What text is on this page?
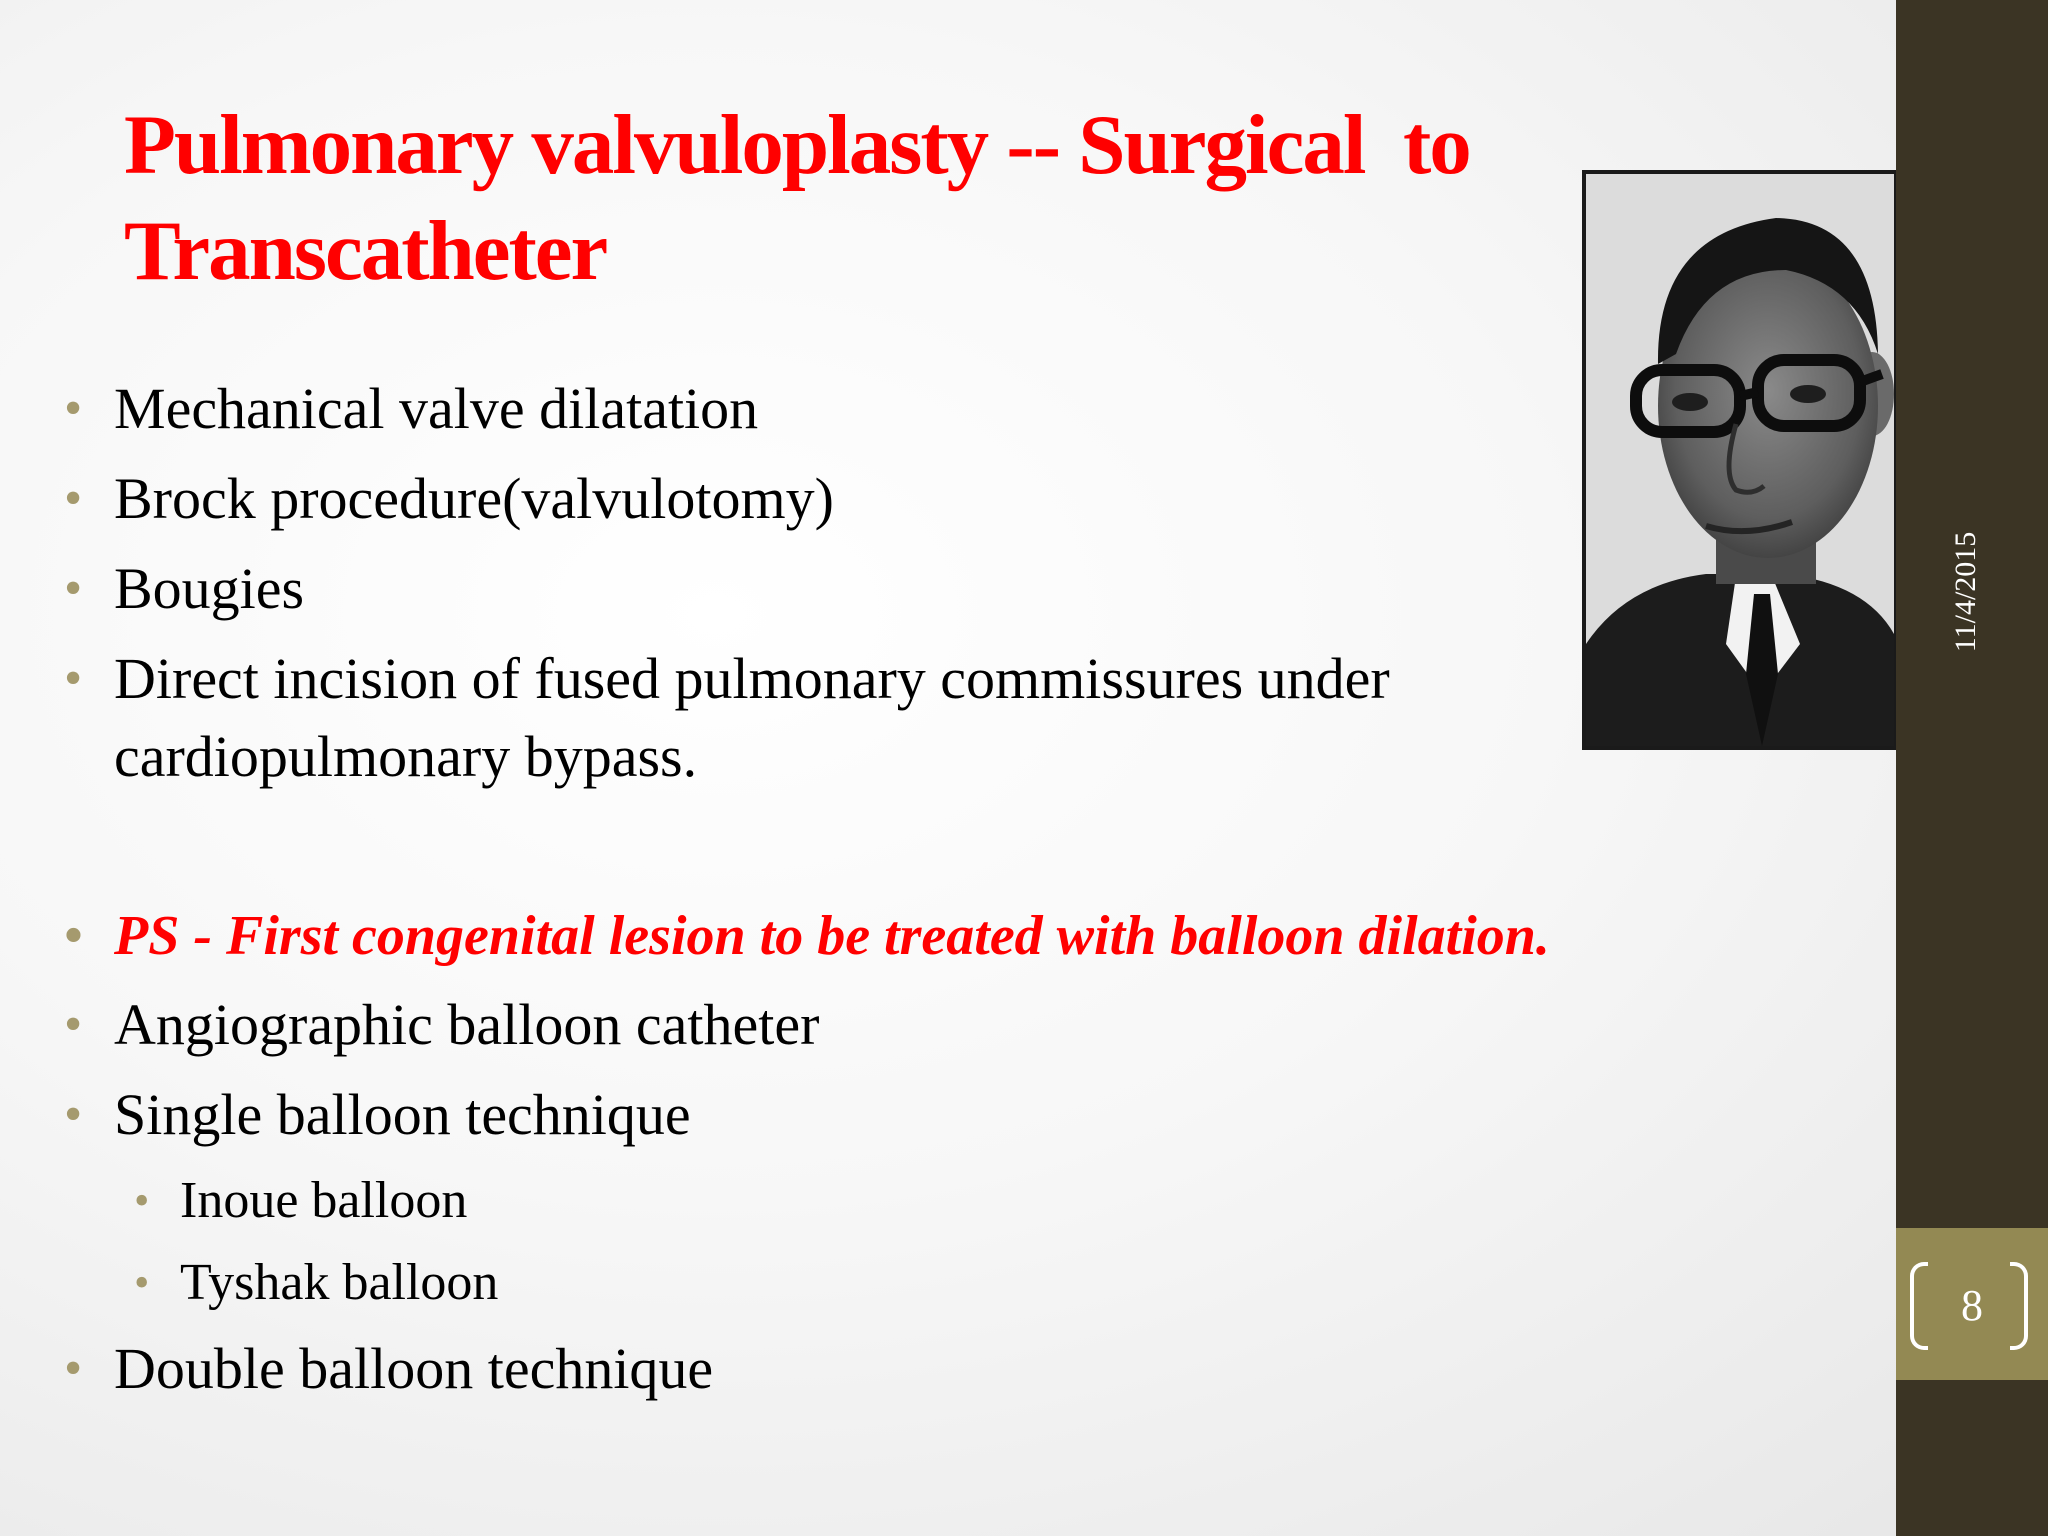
Pulmonary valvuloplasty -- Surgical  to
Transcatheter
11/4/2015
8
• Mechanical valve dilatation
• Brock procedure(valvulotomy)
• Bougies
• Direct incision of fused pulmonary commissures under
cardiopulmonary bypass.
• PS - First congenital lesion to be treated with balloon dilation.
• Angiographic balloon catheter
• Single balloon technique
• Inoue balloon
• Tyshak balloon
• Double balloon technique
